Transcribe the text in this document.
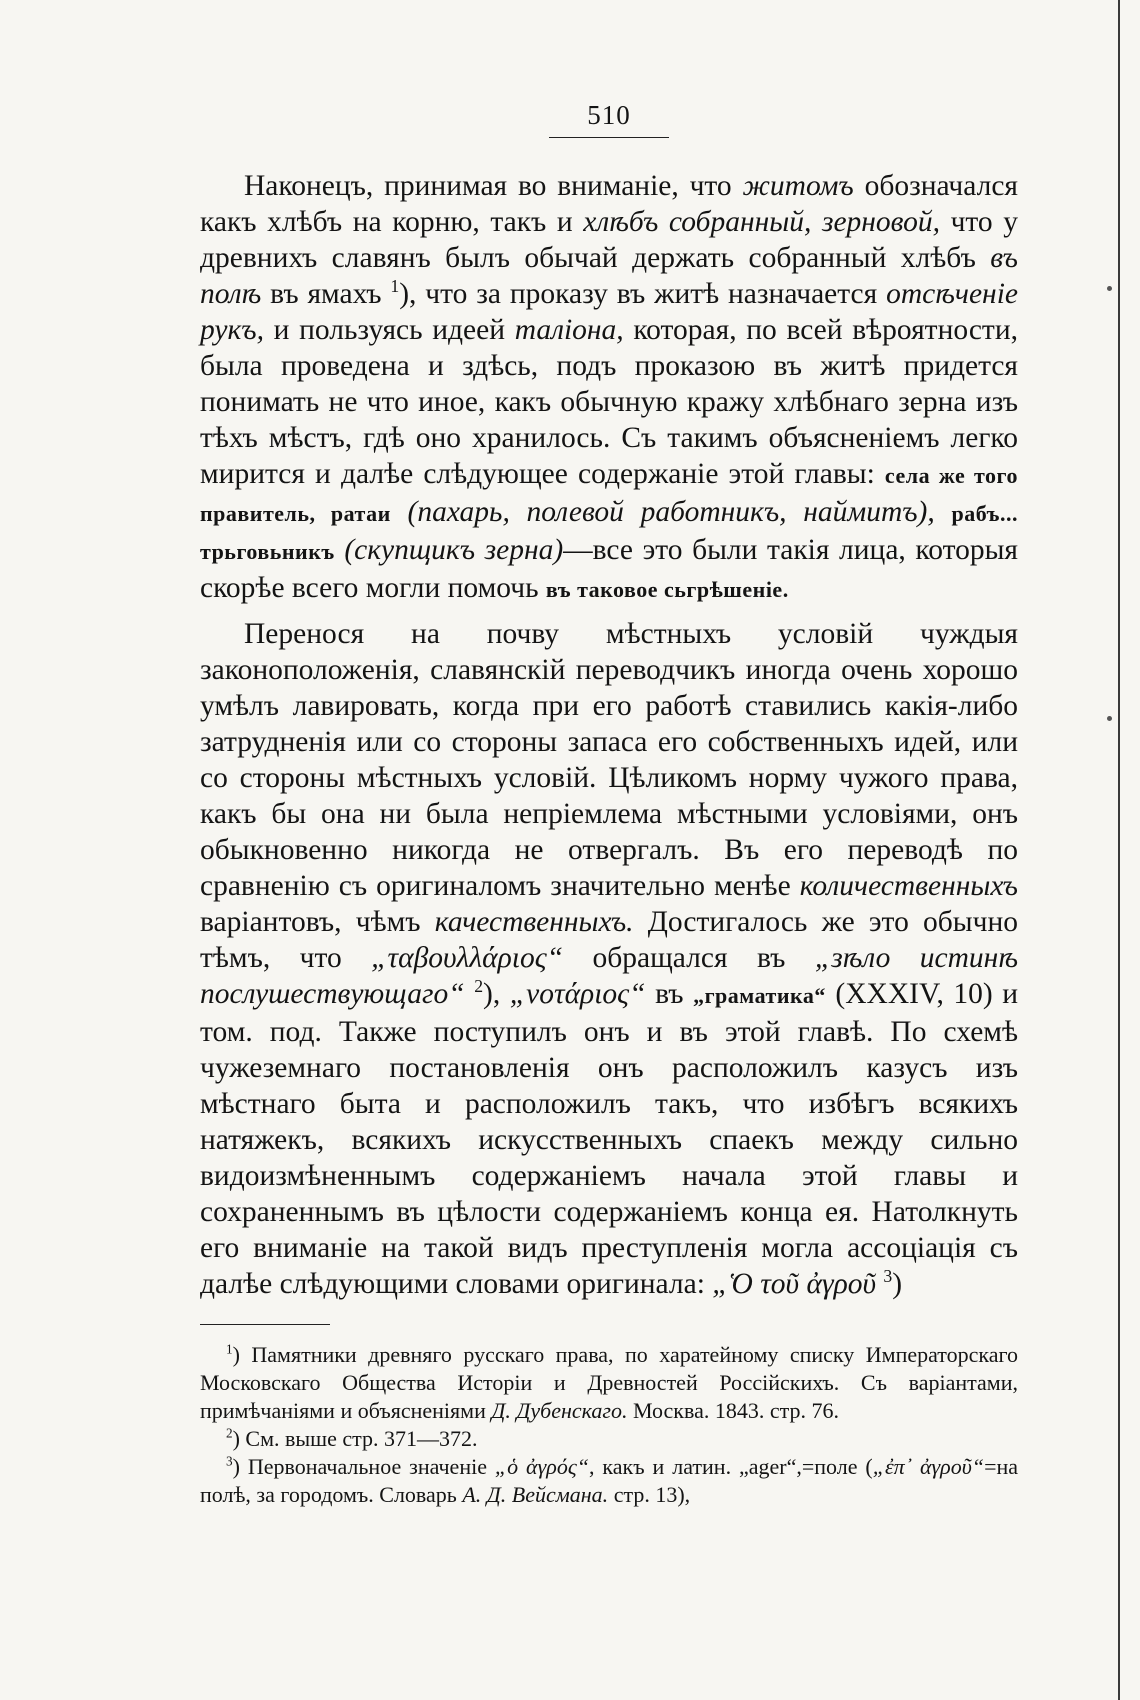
510

Наконецъ, принимая во вниманіе, что житомъ обозначался какъ хлѣбъ на корню, такъ и хлѣбъ собранный, зерновой, что у древнихъ славянъ былъ обычай держать собранный хлѣбъ въ полѣ въ ямахъ $^1$), что за проказу въ житѣ назначается отсѣченіе рукъ, и пользуясь идеей таліона, которая, по всей вѣроятности, была проведена и здѣсь, подъ проказою въ житѣ придется понимать не что иное, какъ обычную кражу хлѣбнаго зерна изъ тѣхъ мѣстъ, гдѣ оно хранилось. Съ такимъ объясненіемъ легко мирится и далѣе слѣдующее содержаніе этой главы: села же того правитель, ратаи (пахарь, полевой работникъ, наймитъ), рабъ... трьговьникъ (скупщикъ зерна)—все это были такія лица, которыя скорѣе всего могли помочь въ таковое сьгрѣшеніе.

Перенося на почву мѣстныхъ условій чуждыя законоположенія, славянскій переводчикъ иногда очень хорошо умѣлъ лавировать, когда при его работѣ ставились какія-либо затрудненія или со стороны запаса его собственныхъ идей, или со стороны мѣстныхъ условій. Цѣликомъ норму чужого права, какъ бы она ни была непріемлема мѣстными условіями, онъ обыкновенно никогда не отвергалъ. Въ его переводѣ по сравненію съ оригиналомъ значительно менѣе количественныхъ варіантовъ, чѣмъ качественныхъ. Достигалось же это обычно тѣмъ, что „ταβουλλάριος“ обращался въ „зѣло истинѣ послушествующаго“ $^2$), „νοτάριος“ въ „граматика“ (XXXIV, 10) и том. под. Также поступилъ онъ и въ этой главѣ. По схемѣ чужеземнаго постановленія онъ расположилъ казусъ изъ мѣстнаго быта и расположилъ такъ, что избѣгъ всякихъ натяжекъ, всякихъ искусственныхъ спаекъ между сильно видоизмѣненнымъ содержаніемъ начала этой главы и сохраненнымъ въ цѣлости содержаніемъ конца ея. Натолкнуть его вниманіе на такой видъ преступленія могла ассоціація съ далѣе слѣдующими словами оригинала: „Ὁ τοῦ ἀγροῦ $^3$)

$^1$) Памятники древняго русскаго права, по харатейному списку Императорскаго Московскаго Общества Исторіи и Древностей Россійскихъ. Съ варіантами, примѣчаніями и объясненіями Д. Дубенскаго. Москва. 1843. стр. 76.
$^2$) См. выше стр. 371—372.
$^3$) Первоначальное значеніе „ὁ ἀγρός“, какъ и латин. „ager“,=поле („ἐπ᾽ ἀγροῦ“=на полѣ, за городомъ. Словарь А. Д. Вейсмана. стр. 13),
